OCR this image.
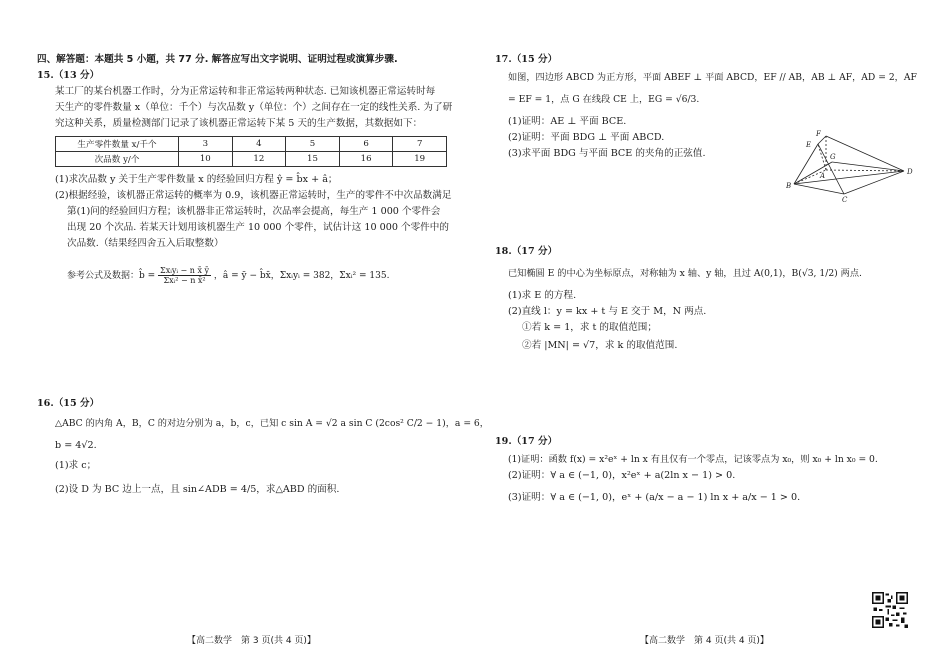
四、解答题：本题共 5 小题，共 77 分. 解答应写出文字说明、证明过程或演算步骤.
15.（13 分）
某工厂的某台机器工作时，分为正常运转和非正常运转两种状态. 已知该机器正常运转时每
天生产的零件数量 x（单位：千个）与次品数 y（单位：个）之间存在一定的线性关系. 为了研
究这种关系，质量检测部门记录了该机器正常运转下某 5 天的生产数据，其数据如下：
生产零件数量 x/千个	3	4	5	6	7
次品数 y/个	10	12	15	16	19
(1)求次品数 y 关于生产零件数量 x 的经验回归方程 ŷ = b̂x + â；
(2)根据经验，该机器正常运转的概率为 0.9，该机器正常运转时，生产的零件不中次品数满足
第(1)问的经验回归方程；该机器非正常运转时，次品率会提高，每生产 1 000 个零件会
出现 20 个次品. 若某天计划用该机器生产 10 000 个零件，试估计这 10 000 个零件中的
次品数.（结果经四舍五入后取整数）
参考公式及数据：b̂ = $\frac{\text{Σxᵢyᵢ − n x̄ ȳ}}{\text{Σxᵢ² − n x̄²}}$ ，â = ȳ − b̂x̄，Σxᵢyᵢ = 382，Σxᵢ² = 135.
16.（15 分）
△ABC 的内角 A，B，C 的对边分别为 a，b，c，已知 c sin A = √2 a sin C (2cos² C/2 − 1)，a = 6，
b = 4√2.
(1)求 c；
(2)设 D 为 BC 边上一点，且 sin∠ADB = 4/5，求△ABD 的面积.
【高二数学　第 3 页(共 4 页)】
17.（15 分）
如图，四边形 ABCD 为正方形，平面 ABEF ⊥ 平面 ABCD，EF // AB，AB ⊥ AF，AD = 2，AF
= EF = 1，点 G 在线段 CE 上，EG = √6/3.
(1)证明：AE ⊥ 平面 BCE.
(2)证明：平面 BDG ⊥ 平面 ABCD.
(3)求平面 BDG 与平面 BCE 的夹角的正弦值.
F
E
G
A
B
C
D
18.（17 分）
已知椭圆 E 的中心为坐标原点，对称轴为 x 轴、y 轴，且过 A(0,1)，B(√3, 1/2) 两点.
(1)求 E 的方程.
(2)直线 l：y = kx + t 与 E 交于 M，N 两点.
①若 k = 1，求 t 的取值范围；
②若 |MN| = √7，求 k 的取值范围.
19.（17 分）
(1)证明：函数 f(x) = x²eˣ + ln x 有且仅有一个零点，记该零点为 x₀，则 x₀ + ln x₀ = 0.
(2)证明：∀ a ∈ (−1, 0)，x²eˣ + a(2ln x − 1) > 0.
(3)证明：∀ a ∈ (−1, 0)，eˣ + (a/x − a − 1) ln x + a/x − 1 > 0.
【高二数学　第 4 页(共 4 页)】
